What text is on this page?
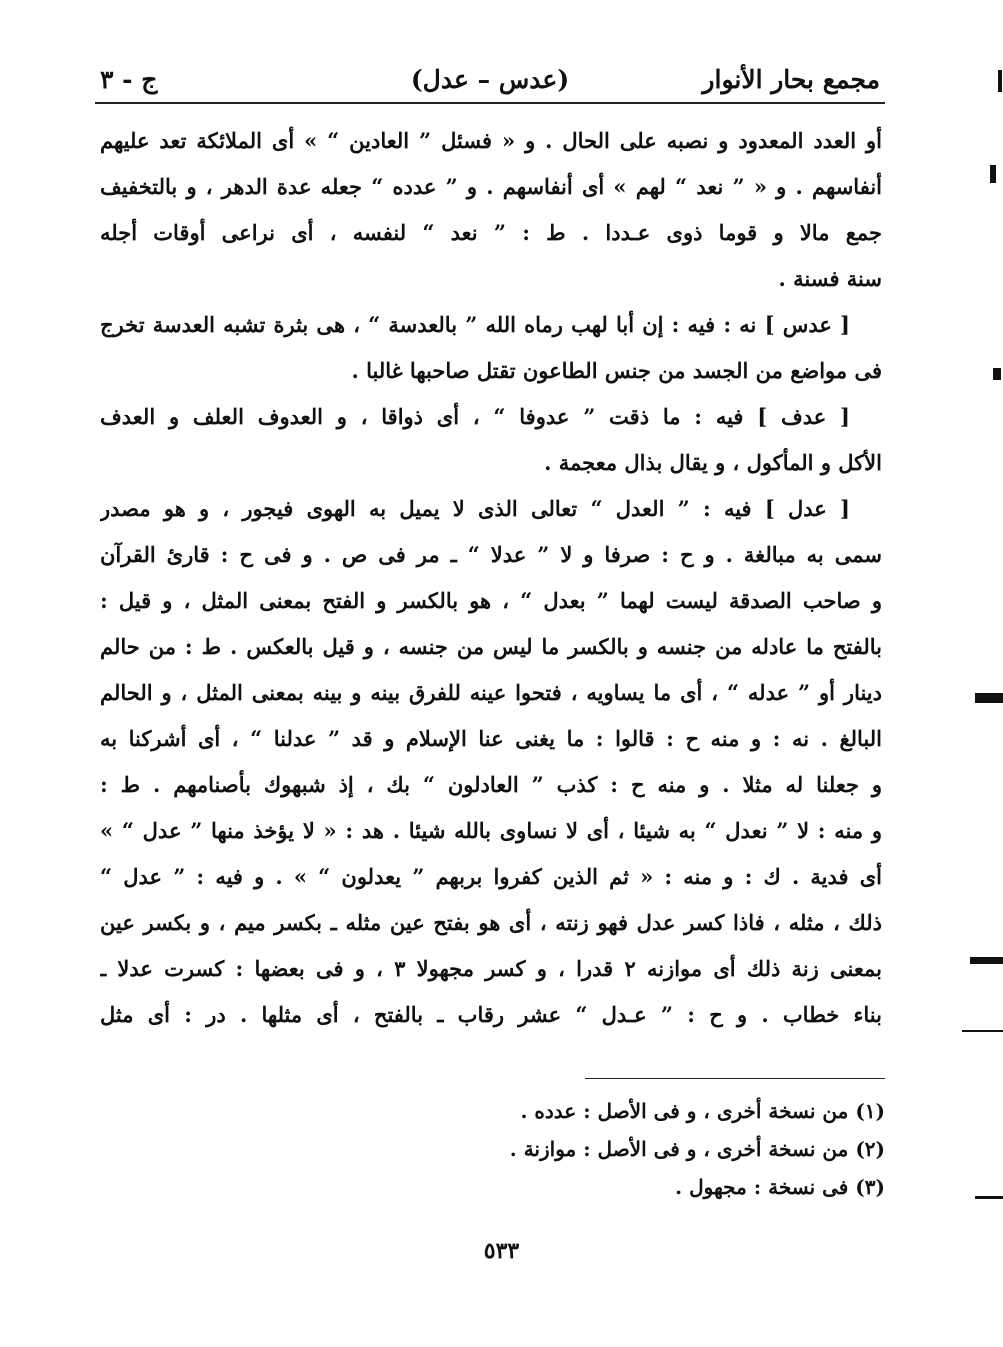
مجمع بحار الأنوار
(عدس – عدل)
ج - ٣
أو العدد المعدود و نصبه على الحال . و « فسئل ” العادين “ » أى الملائكة تعد عليهم
أنفاسهم . و « ” نعد “ لهم » أى أنفاسهم . و ” عدده “ جعله عدة الدهر ، و بالتخفيف
جمع مالا و قوما ذوى عـددا . ط : ” نعد “ لنفسه ، أى نراعى أوقات أجله
سنة فسنة .
[ عدس ] نه : فيه : إن أبا لهب رماه الله ” بالعدسة “ ، هى بثرة تشبه العدسة تخرج
فى مواضع من الجسد من جنس الطاعون تقتل صاحبها غالبا .
[ عدف ] فيه : ما ذقت ” عدوفا “ ، أى ذواقا ، و العدوف العلف و العدف
الأكل و المأكول ، و يقال بذال معجمة .
[ عدل ] فيه : ” العدل “ تعالى الذى لا يميل به الهوى فيجور ، و هو مصدر
سمى به مبالغة . و ح : صرفا و لا ” عدلا “ ـ مر فى ص . و فى ح : قارئ القرآن
و صاحب الصدقة ليست لهما ” بعدل “ ، هو بالكسر و الفتح بمعنى المثل ، و قيل :
بالفتح ما عادله من جنسه و بالكسر ما ليس من جنسه ، و قيل بالعكس . ط : من حالم
دينار أو ” عدله “ ، أى ما يساويه ، فتحوا عينه للفرق بينه و بينه بمعنى المثل ، و الحالم
البالغ . نه : و منه ح : قالوا : ما يغنى عنا الإسلام و قد ” عدلنا “ ، أى أشركنا به
و جعلنا له مثلا . و منه ح : كذب ” العادلون “ بك ، إذ شبهوك بأصنامهم . ط :
و منه : لا ” نعدل “ به شيئا ، أى لا نساوى بالله شيئا . هد : « لا يؤخذ منها ” عدل “ »
أى فدية . ك : و منه : « ثم الذين كفروا بربهم ” يعدلون “ » . و فيه : ” عدل “
ذلك ، مثله ، فاذا كسر عدل فهو زنته ، أى هو بفتح عين مثله ـ بكسر ميم ، و بكسر عين
بمعنى زنة ذلك أى موازنه ٢ قدرا ، و كسر مجهولا ٣ ، و فى بعضها : كسرت عدلا ـ
بناء خطاب . و ح : ” عـدل “ عشر رقاب ـ بالفتح ، أى مثلها . در : أى مثل
(١) من نسخة أخرى ، و فى الأصل : عدده .
(٢) من نسخة أخرى ، و فى الأصل : موازنة .
(٣) فى نسخة : مجهول .
٥٣٣
